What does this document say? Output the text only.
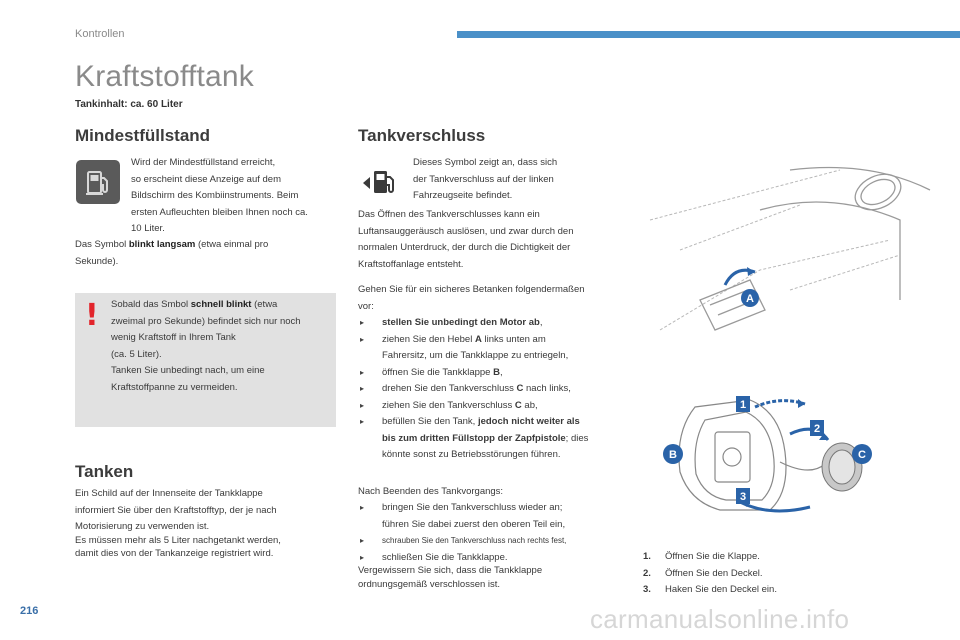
Kontrollen
Kraftstofftank
Tankinhalt: ca. 60 Liter
Mindestfüllstand
Wird der Mindestfüllstand erreicht,
so erscheint diese Anzeige auf dem
Bildschirm des Kombiinstruments. Beim
ersten Aufleuchten bleiben Ihnen noch ca.
10 Liter.
Das Symbol blinkt langsam (etwa einmal pro
Sekunde).
! Sobald das Smbol schnell blinkt (etwa
zweimal pro Sekunde) befindet sich nur noch
wenig Kraftstoff in Ihrem Tank
(ca. 5 Liter).
Tanken Sie unbedingt nach, um eine
Kraftstoffpanne zu vermeiden.
Tanken
Ein Schild auf der Innenseite der Tankklappe
informiert Sie über den Kraftstofftyp, der je nach
Motorisierung zu verwenden ist.
Es müssen mehr als 5 Liter nachgetankt werden,
damit dies von der Tankanzeige registriert wird.
Tankverschluss
Dieses Symbol zeigt an, dass sich
der Tankverschluss auf der linken
Fahrzeugseite befindet.
Das Öffnen des Tankverschlusses kann ein
Luftansauggeräusch auslösen, und zwar durch den
normalen Unterdruck, der durch die Dichtigkeit der
Kraftstoffanlage entsteht.
Gehen Sie für ein sicheres Betanken folgendermaßen
vor:
▸ stellen Sie unbedingt den Motor ab,
▸ ziehen Sie den Hebel A links unten am
Fahrersitz, um die Tankklappe zu entriegeln,
▸ öffnen Sie die Tankklappe B,
▸ drehen Sie den Tankverschluss C nach links,
▸ ziehen Sie den Tankverschluss C ab,
▸ befüllen Sie den Tank, jedoch nicht weiter als
bis zum dritten Füllstopp der Zapfpistole; dies
könnte sonst zu Betriebsstörungen führen.
Nach Beenden des Tankvorgangs:
▸ bringen Sie den Tankverschluss wieder an;
führen Sie dabei zuerst den oberen Teil ein,
▸ schrauben Sie den Tankverschluss nach rechts fest,
▸ schließen Sie die Tankklappe.
Vergewissern Sie sich, dass die Tankklappe
ordnungsgemäß verschlossen ist.
A
1
2
3
B	C
1. Öffnen Sie die Klappe.
2. Öffnen Sie den Deckel.
3. Haken Sie den Deckel ein.
216	carmanualsonline.info
